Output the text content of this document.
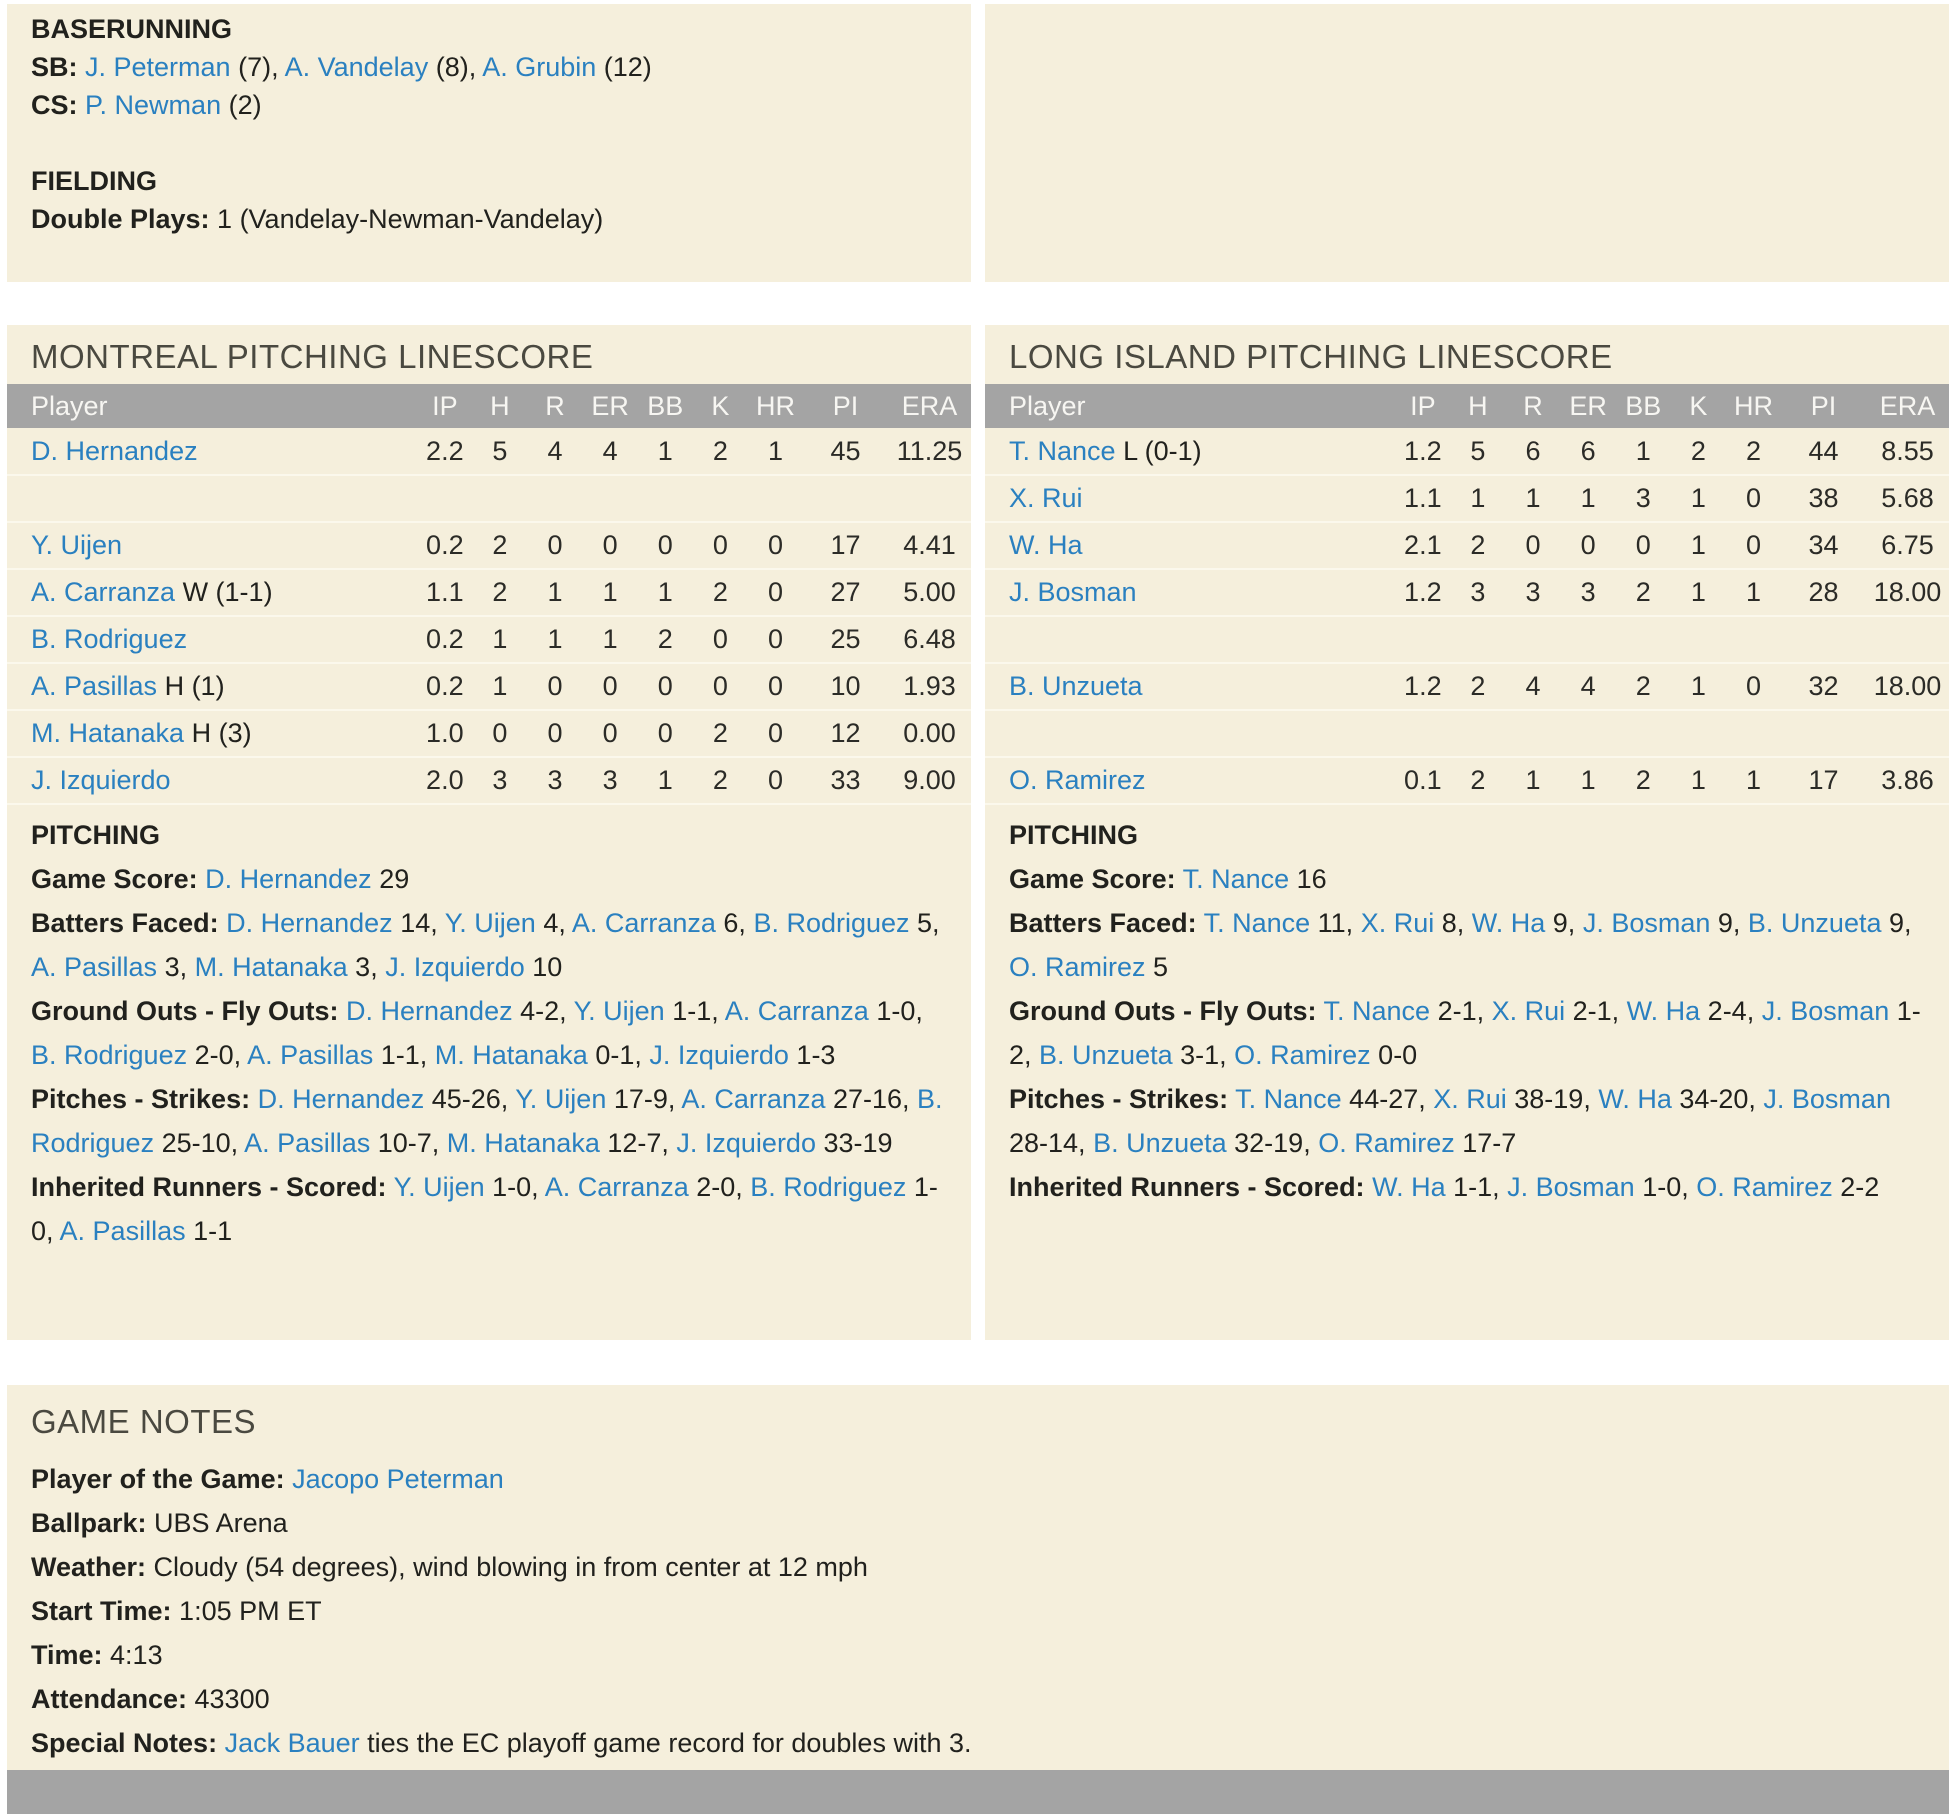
BASERUNNING
SB: J. Peterman (7), A. Vandelay (8), A. Grubin (12)
CS: P. Newman (2)
FIELDING
Double Plays: 1 (Vandelay-Newman-Vandelay)
MONTREAL PITCHING LINESCORE
Player	IP	H	R	ER	BB	K	HR	PI	ERA
D. Hernandez	2.2	5	4	4	1	2	1	45	11.25

Y. Uijen	0.2	2	0	0	0	0	0	17	4.41
A. Carranza W (1-1)	1.1	2	1	1	1	2	0	27	5.00
B. Rodriguez	0.2	1	1	1	2	0	0	25	6.48
A. Pasillas H (1)	0.2	1	0	0	0	0	0	10	1.93
M. Hatanaka H (3)	1.0	0	0	0	0	2	0	12	0.00
J. Izquierdo	2.0	3	3	3	1	2	0	33	9.00
PITCHING
Game Score: D. Hernandez 29
Batters Faced: D. Hernandez 14, Y. Uijen 4, A. Carranza 6, B. Rodriguez 5, A. Pasillas 3, M. Hatanaka 3, J. Izquierdo 10
Ground Outs - Fly Outs: D. Hernandez 4-2, Y. Uijen 1-1, A. Carranza 1-0, B. Rodriguez 2-0, A. Pasillas 1-1, M. Hatanaka 0-1, J. Izquierdo 1-3
Pitches - Strikes: D. Hernandez 45-26, Y. Uijen 17-9, A. Carranza 27-16, B. Rodriguez 25-10, A. Pasillas 10-7, M. Hatanaka 12-7, J. Izquierdo 33-19
Inherited Runners - Scored: Y. Uijen 1-0, A. Carranza 2-0, B. Rodriguez 1-0, A. Pasillas 1-1
LONG ISLAND PITCHING LINESCORE
Player	IP	H	R	ER	BB	K	HR	PI	ERA
T. Nance L (0-1)	1.2	5	6	6	1	2	2	44	8.55
X. Rui	1.1	1	1	1	3	1	0	38	5.68
W. Ha	2.1	2	0	0	0	1	0	34	6.75
J. Bosman	1.2	3	3	3	2	1	1	28	18.00

B. Unzueta	1.2	2	4	4	2	1	0	32	18.00

O. Ramirez	0.1	2	1	1	2	1	1	17	3.86
PITCHING
Game Score: T. Nance 16
Batters Faced: T. Nance 11, X. Rui 8, W. Ha 9, J. Bosman 9, B. Unzueta 9, O. Ramirez 5
Ground Outs - Fly Outs: T. Nance 2-1, X. Rui 2-1, W. Ha 2-4, J. Bosman 1-2, B. Unzueta 3-1, O. Ramirez 0-0
Pitches - Strikes: T. Nance 44-27, X. Rui 38-19, W. Ha 34-20, J. Bosman 28-14, B. Unzueta 32-19, O. Ramirez 17-7
Inherited Runners - Scored: W. Ha 1-1, J. Bosman 1-0, O. Ramirez 2-2
GAME NOTES
Player of the Game: Jacopo Peterman
Ballpark: UBS Arena
Weather: Cloudy (54 degrees), wind blowing in from center at 12 mph
Start Time: 1:05 PM ET
Time: 4:13
Attendance: 43300
Special Notes: Jack Bauer ties the EC playoff game record for doubles with 3.
